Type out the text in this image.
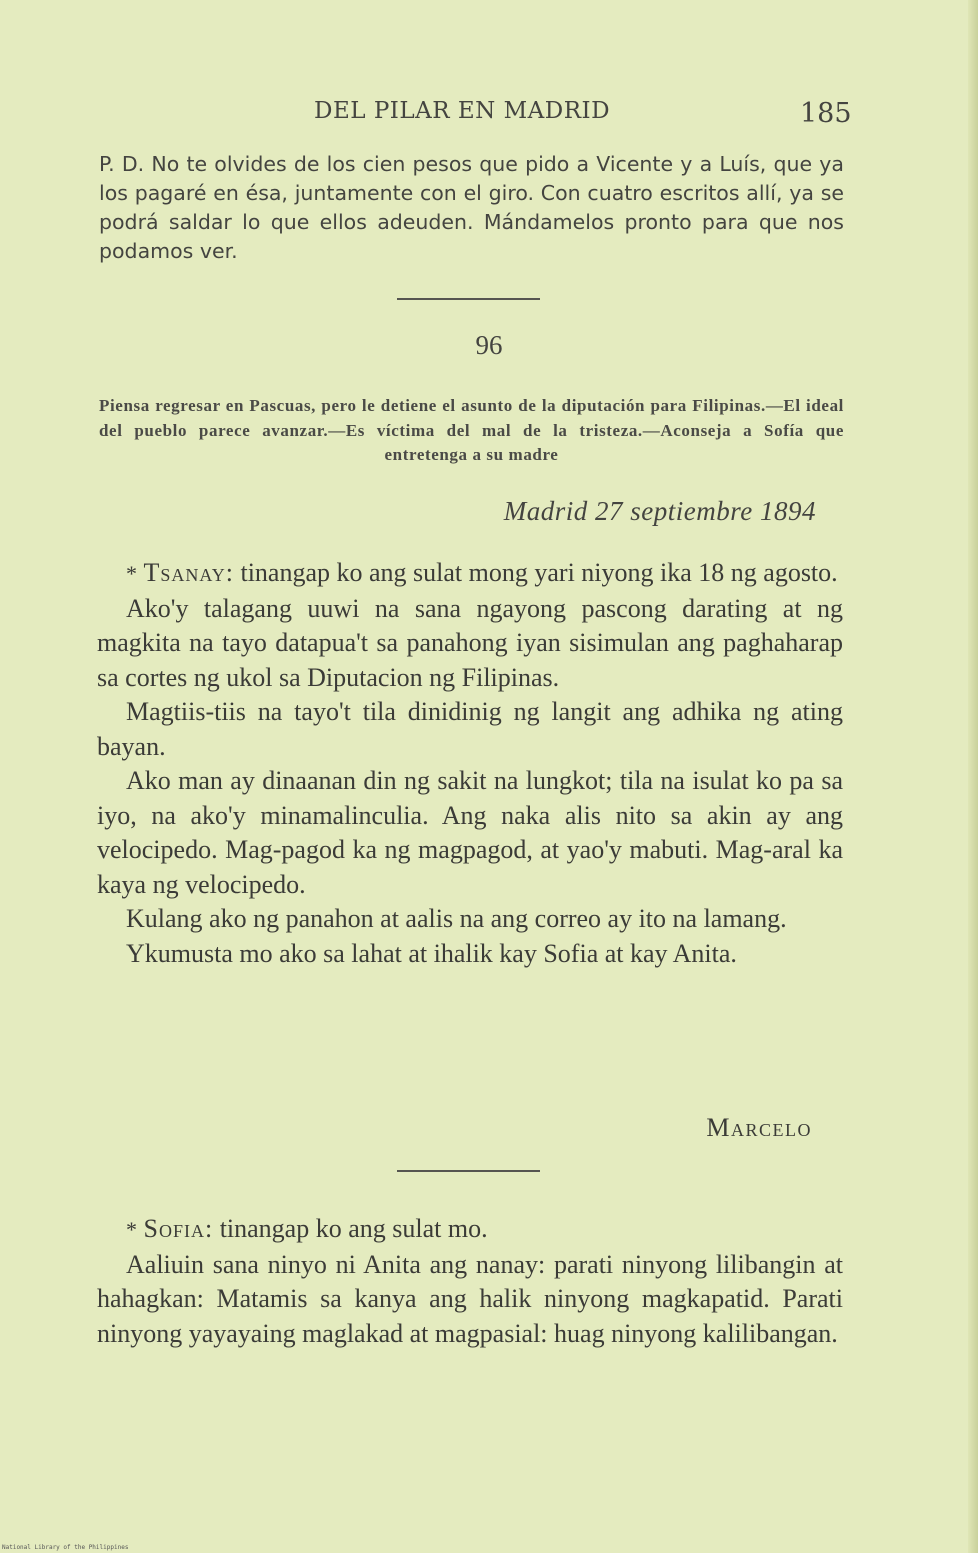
DEL PILAR EN MADRID	185

P. D. No te olvides de los cien pesos que pido a Vicente y a Luís, que ya los pagaré en ésa, juntamente con el giro. Con cuatro escritos allí, ya se podrá saldar lo que ellos adeuden. Mándamelos pronto para que nos podamos ver.

96
Piensa regresar en Pascuas, pero le detiene el asunto de la diputación para Filipinas.—El ideal del pueblo parece avanzar.—Es víctima del mal de la tristeza.—Aconseja a Sofía que entretenga a su madre
Madrid 27 septiembre 1894

* Tsanay: tinangap ko ang sulat mong yari niyong ika 18 ng agosto.

Ako'y talagang uuwi na sana ngayong pascong darating at ng magkita na tayo datapua't sa panahong iyan sisimulan ang paghaharap sa cortes ng ukol sa Diputacion ng Filipinas.

Magtiis-tiis na tayo't tila dinidinig ng langit ang adhika ng ating bayan.

Ako man ay dinaanan din ng sakit na lungkot; tila na isulat ko pa sa iyo, na ako'y minamalinculia. Ang naka alis nito sa akin ay ang velocipedo. Mag-pagod ka ng magpagod, at yao'y mabuti. Mag-aral ka kaya ng velocipedo.

Kulang ako ng panahon at aalis na ang correo ay ito na lamang.

Ykumusta mo ako sa lahat at ihalik kay Sofia at kay Anita.

Marcelo

* Sofia: tinangap ko ang sulat mo.

Aaliuin sana ninyo ni Anita ang nanay: parati ninyong lilibangin at hahagkan: Matamis sa kanya ang halik ninyong magkapatid. Parati ninyong yayayaing maglakad at magpasial: huag ninyong kalilibangan.

National Library of the Philippines
